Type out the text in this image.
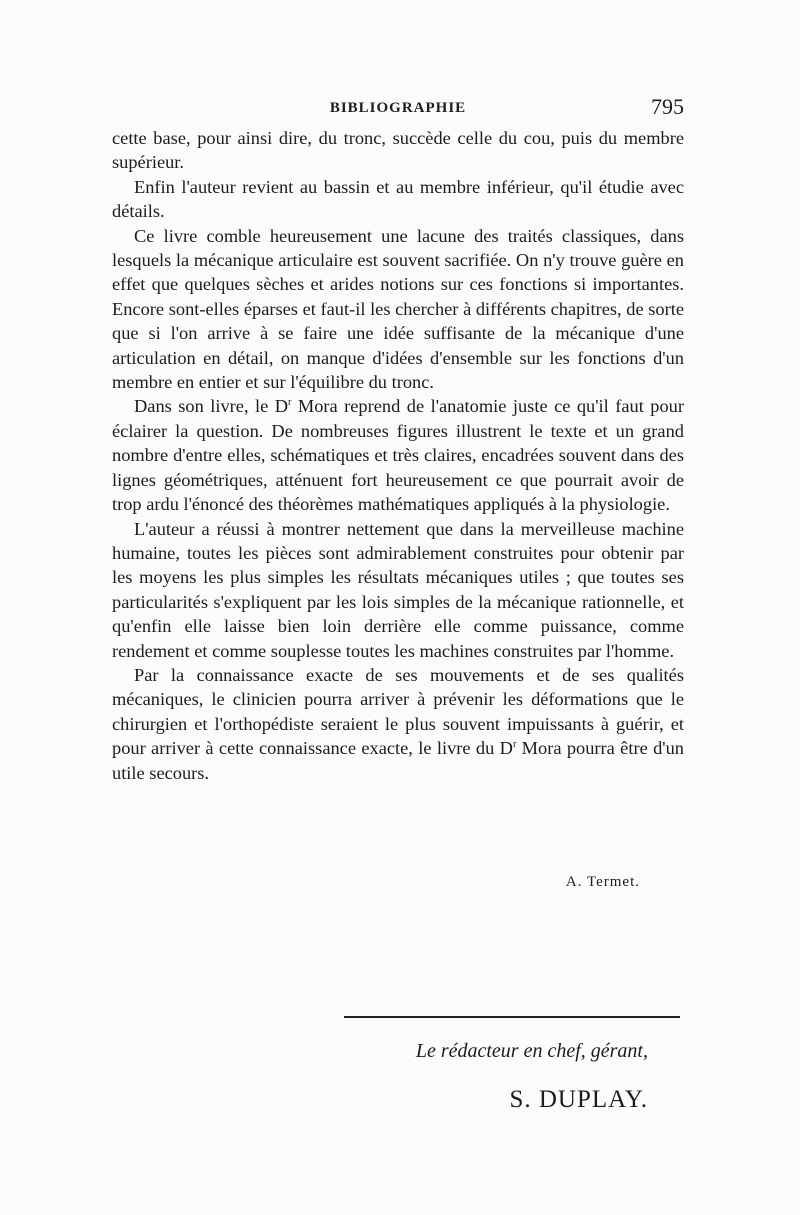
BIBLIOGRAPHIE	795

cette base, pour ainsi dire, du tronc, succède celle du cou, puis du membre supérieur.

Enfin l'auteur revient au bassin et au membre inférieur, qu'il étudie avec détails.

Ce livre comble heureusement une lacune des traités classiques, dans lesquels la mécanique articulaire est souvent sacrifiée. On n'y trouve guère en effet que quelques sèches et arides notions sur ces fonctions si importantes. Encore sont-elles éparses et faut-il les chercher à différents chapitres, de sorte que si l'on arrive à se faire une idée suffisante de la mécanique d'une articulation en détail, on manque d'idées d'ensemble sur les fonctions d'un membre en entier et sur l'équilibre du tronc.

Dans son livre, le $D^r$ Mora reprend de l'anatomie juste ce qu'il faut pour éclairer la question. De nombreuses figures illustrent le texte et un grand nombre d'entre elles, schématiques et très claires, encadrées souvent dans des lignes géométriques, atténuent fort heureusement ce que pourrait avoir de trop ardu l'énoncé des théorèmes mathématiques appliqués à la physiologie.

L'auteur a réussi à montrer nettement que dans la merveilleuse machine humaine, toutes les pièces sont admirablement construites pour obtenir par les moyens les plus simples les résultats mécaniques utiles ; que toutes ses particularités s'expliquent par les lois simples de la mécanique rationnelle, et qu'enfin elle laisse bien loin derrière elle comme puissance, comme rendement et comme souplesse toutes les machines construites par l'homme.

Par la connaissance exacte de ses mouvements et de ses qualités mécaniques, le clinicien pourra arriver à prévenir les déformations que le chirurgien et l'orthopédiste seraient le plus souvent impuissants à guérir, et pour arriver à cette connaissance exacte, le livre du $D^r$ Mora pourra être d'un utile secours.

A. Termet.
Le rédacteur en chef, gérant,
S. DUPLAY.
